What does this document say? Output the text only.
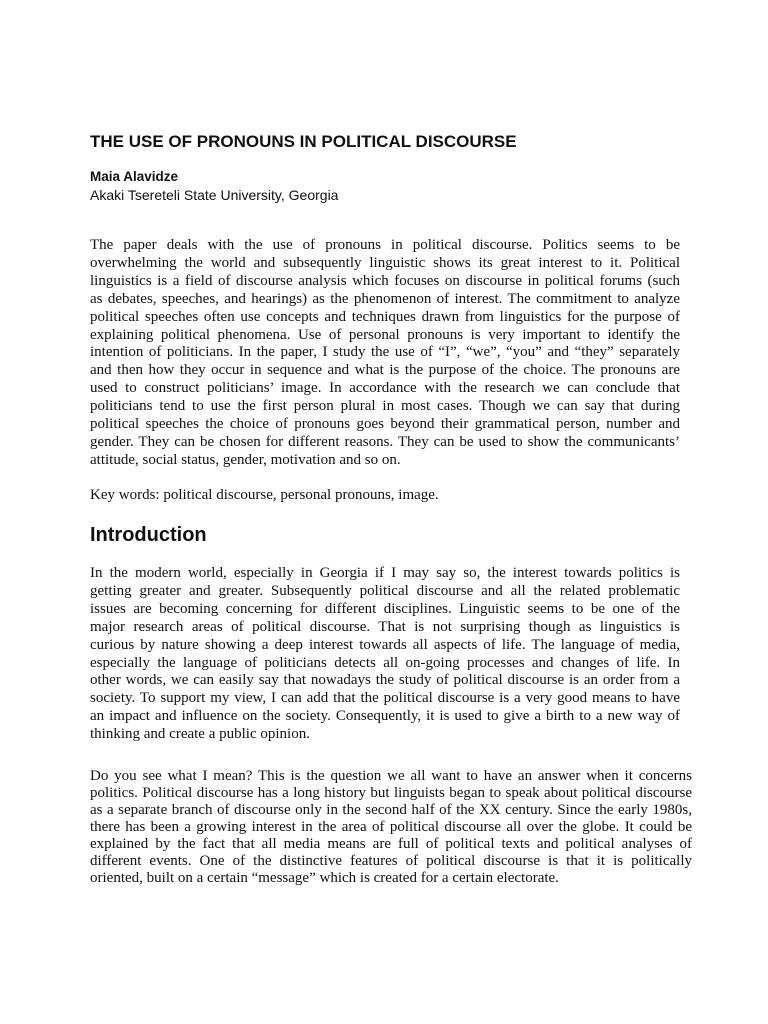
THE USE OF PRONOUNS IN POLITICAL DISCOURSE
Maia Alavidze
Akaki Tsereteli State University, Georgia
The paper deals with the use of pronouns in political discourse. Politics seems to be
overwhelming the world and subsequently linguistic shows its great interest to it. Political
linguistics is a field of discourse analysis which focuses on discourse in political forums (such
as debates, speeches, and hearings) as the phenomenon of interest. The commitment to analyze
political speeches often use concepts and techniques drawn from linguistics for the purpose of
explaining political phenomena. Use of personal pronouns is very important to identify the
intention of politicians. In the paper, I study the use of “I”, “we”, “you” and “they” separately
and then how they occur in sequence and what is the purpose of the choice. The pronouns are
used to construct politicians’ image. In accordance with the research we can conclude that
politicians tend to use the first person plural in most cases. Though we can say that during
political speeches the choice of pronouns goes beyond their grammatical person, number and
gender. They can be chosen for different reasons. They can be used to show the communicants’
attitude, social status, gender, motivation and so on.
Key words: political discourse, personal pronouns, image.
Introduction
In the modern world, especially in Georgia if I may say so, the interest towards politics is
getting greater and greater. Subsequently political discourse and all the related problematic
issues are becoming concerning for different disciplines. Linguistic seems to be one of the
major research areas of political discourse. That is not surprising though as linguistics is
curious by nature showing a deep interest towards all aspects of life. The language of media,
especially the language of politicians detects all on-going processes and changes of life. In
other words, we can easily say that nowadays the study of political discourse is an order from a
society. To support my view, I can add that the political discourse is a very good means to have
an impact and influence on the society. Consequently, it is used to give a birth to a new way of
thinking and create a public opinion.
Do you see what I mean? This is the question we all want to have an answer when it concerns
politics. Political discourse has a long history but linguists began to speak about political discourse
as a separate branch of discourse only in the second half of the XX century. Since the early 1980s,
there has been a growing interest in the area of political discourse all over the globe. It could be
explained by the fact that all media means are full of political texts and political analyses of
different events. One of the distinctive features of political discourse is that it is politically
oriented, built on a certain “message” which is created for a certain electorate.
